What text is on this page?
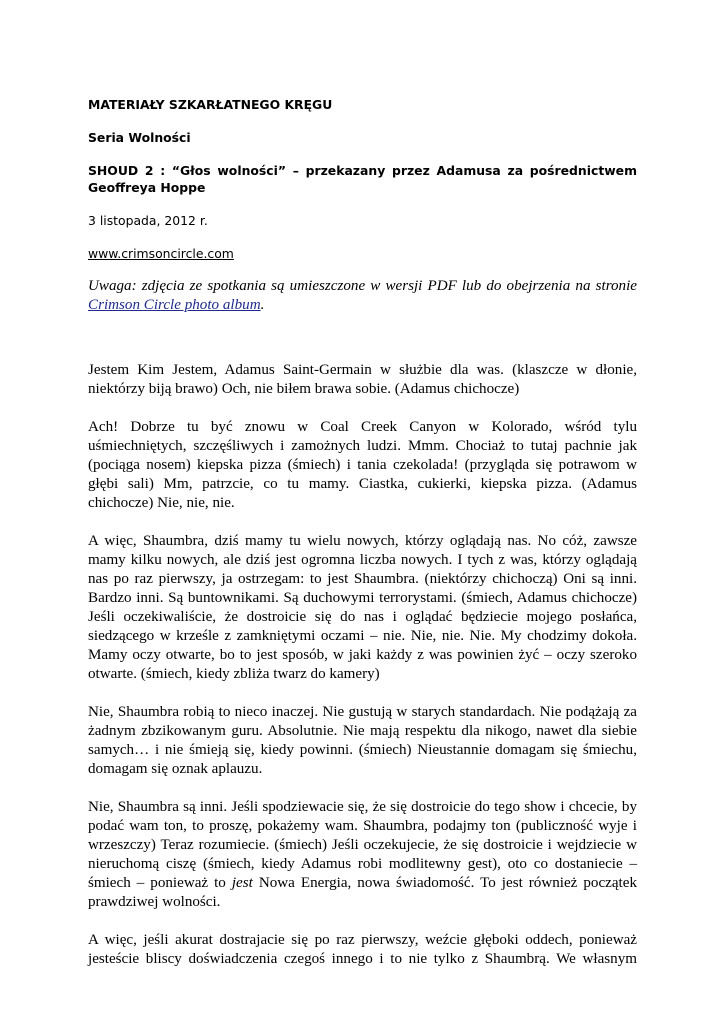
MATERIAŁY SZKARŁATNEGO KRĘGU

Seria Wolności

SHOUD 2 : “Głos wolności” – przekazany przez Adamusa za pośrednictwem Geoffreya Hoppe

3 listopada, 2012 r.

www.crimsoncircle.com

Uwaga: zdjęcia ze spotkania są umieszczone w wersji PDF lub do obejrzenia na stronie Crimson Circle photo album.

Jestem Kim Jestem, Adamus Saint-Germain w służbie dla was. (klaszcze w dłonie, niektórzy biją brawo) Och, nie biłem brawa sobie. (Adamus chichocze)

Ach! Dobrze tu być znowu w Coal Creek Canyon w Kolorado, wśród tylu uśmiechniętych, szczęśliwych i zamożnych ludzi. Mmm. Chociaż to tutaj pachnie jak (pociąga nosem) kiepska pizza (śmiech) i tania czekolada! (przygląda się potrawom w głębi sali) Mm, patrzcie, co tu mamy. Ciastka, cukierki, kiepska pizza. (Adamus chichocze) Nie, nie, nie.

A więc, Shaumbra, dziś mamy tu wielu nowych, którzy oglądają nas. No cóż, zawsze mamy kilku nowych, ale dziś jest ogromna liczba nowych. I tych z was, którzy oglądają nas po raz pierwszy, ja ostrzegam: to jest Shaumbra. (niektórzy chichoczą) Oni są inni. Bardzo inni. Są buntownikami. Są duchowymi terrorystami. (śmiech, Adamus chichocze) Jeśli oczekiwaliście, że dostroicie się do nas i oglądać będziecie mojego posłańca, siedzącego w krześle z zamkniętymi oczami – nie. Nie, nie. Nie. My chodzimy dokoła. Mamy oczy otwarte, bo to jest sposób, w jaki każdy z was powinien żyć – oczy szeroko otwarte. (śmiech, kiedy zbliża twarz do kamery)

Nie, Shaumbra robią to nieco inaczej. Nie gustują w starych standardach. Nie podążają za żadnym zbzikowanym guru. Absolutnie. Nie mają respektu dla nikogo, nawet dla siebie samych… i nie śmieją się, kiedy powinni. (śmiech) Nieustannie domagam się śmiechu, domagam się oznak aplauzu.

Nie, Shaumbra są inni. Jeśli spodziewacie się, że się dostroicie do tego show i chcecie, by podać wam ton, to proszę, pokażemy wam. Shaumbra, podajmy ton (publiczność wyje i wrzeszczy) Teraz rozumiecie. (śmiech) Jeśli oczekujecie, że się dostroicie i wejdziecie w nieruchomą ciszę (śmiech, kiedy Adamus robi modlitewny gest), oto co dostaniecie – śmiech – ponieważ to jest Nowa Energia, nowa świadomość. To jest również początek prawdziwej wolności.

A więc, jeśli akurat dostrajacie się po raz pierwszy, weźcie głęboki oddech, ponieważ jesteście bliscy doświadczenia czegoś innego i to nie tylko z Shaumbrą. We własnym
